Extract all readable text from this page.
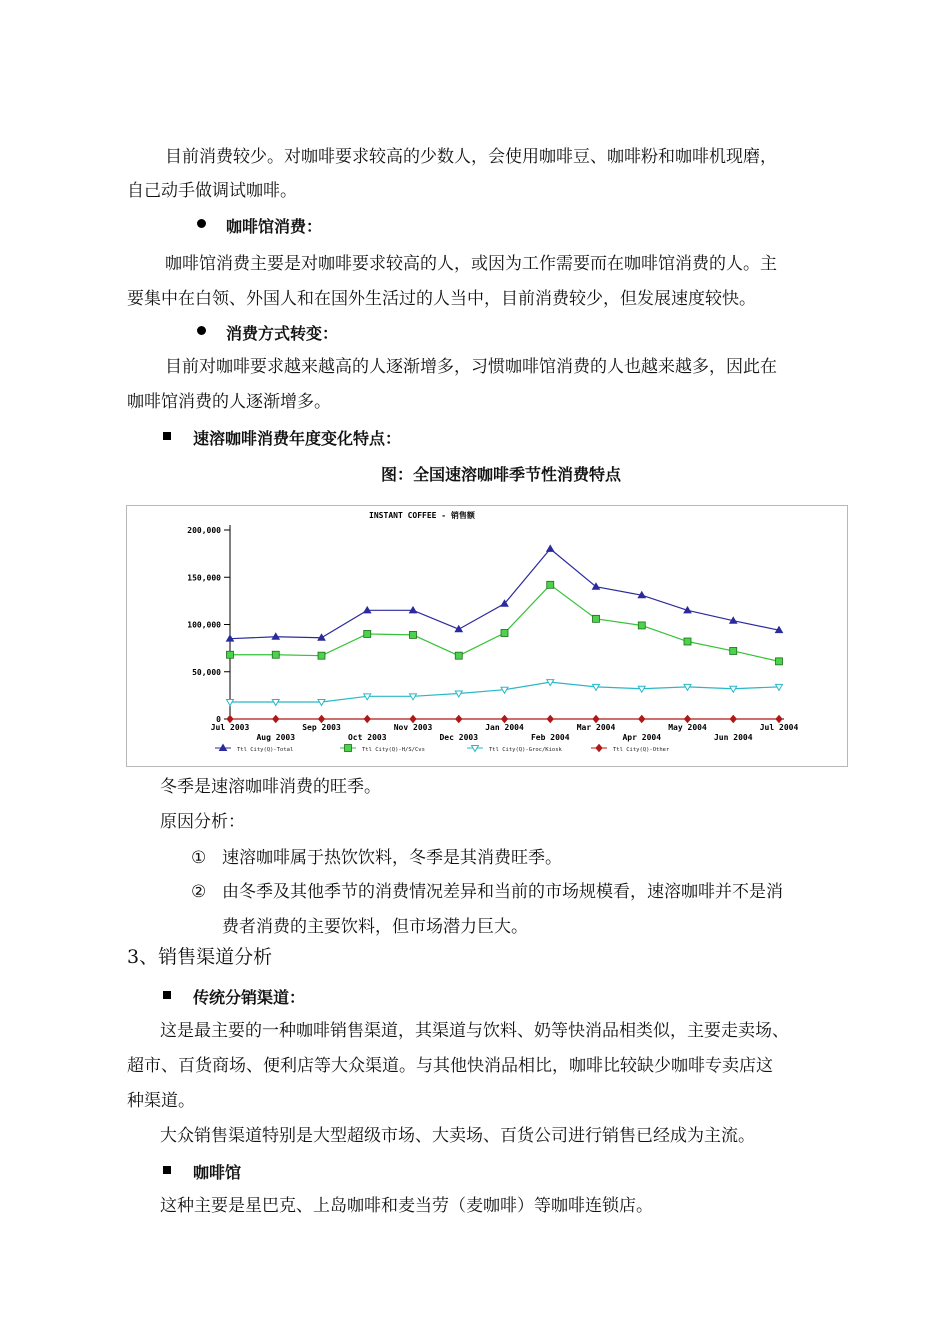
目前消费较少。对咖啡要求较高的少数人，会使用咖啡豆、咖啡粉和咖啡机现磨，
自己动手做调试咖啡。
咖啡馆消费：
咖啡馆消费主要是对咖啡要求较高的人，或因为工作需要而在咖啡馆消费的人。主
要集中在白领、外国人和在国外生活过的人当中，目前消费较少，但发展速度较快。
消费方式转变：
目前对咖啡要求越来越高的人逐渐增多，习惯咖啡馆消费的人也越来越多，因此在
咖啡馆消费的人逐渐增多。
速溶咖啡消费年度变化特点：
图：全国速溶咖啡季节性消费特点
INSTANT COFFEE - 销售额
0
50,000
100,000
150,000
200,000
Jul 2003
Aug 2003
Sep 2003
Oct 2003
Nov 2003
Dec 2003
Jan 2004
Feb 2004
Mar 2004
Apr 2004
May 2004
Jun 2004
Jul 2004
Ttl City(Q)-Total	Ttl City(Q)-H/S/Cvs	Ttl City(Q)-Groc/Kiosk	Ttl City(Q)-Other
冬季是速溶咖啡消费的旺季。
原因分析：
① 速溶咖啡属于热饮饮料，冬季是其消费旺季。
② 由冬季及其他季节的消费情况差异和当前的市场规模看，速溶咖啡并不是消
费者消费的主要饮料，但市场潜力巨大。
3、销售渠道分析
传统分销渠道：
这是最主要的一种咖啡销售渠道，其渠道与饮料、奶等快消品相类似，主要走卖场、
超市、百货商场、便利店等大众渠道。与其他快消品相比，咖啡比较缺少咖啡专卖店这
种渠道。
大众销售渠道特别是大型超级市场、大卖场、百货公司进行销售已经成为主流。
咖啡馆
这种主要是星巴克、上岛咖啡和麦当劳（麦咖啡）等咖啡连锁店。
